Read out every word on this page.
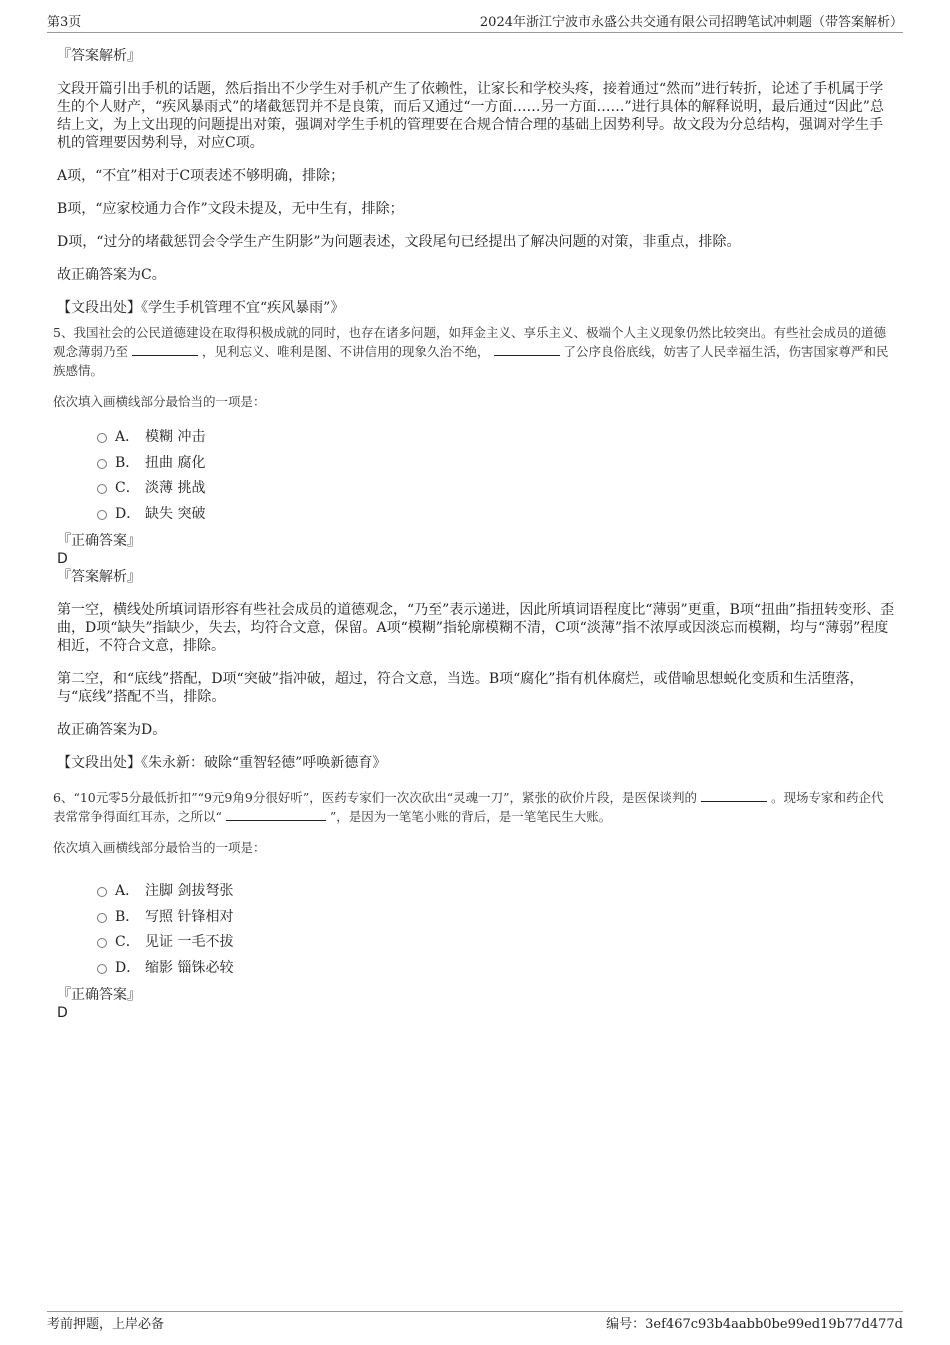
第3页	2024年浙江宁波市永盛公共交通有限公司招聘笔试冲刺题（带答案解析）

『答案解析』

文段开篇引出手机的话题，然后指出不少学生对手机产生了依赖性，让家长和学校头疼，接着通过“然而”进行转折，论述了手机属于学生的个人财产，“疾风暴雨式”的堵截惩罚并不是良策，而后又通过“一方面……另一方面……”进行具体的解释说明，最后通过“因此”总结上文，为上文出现的问题提出对策，强调对学生手机的管理要在合规合情合理的基础上因势利导。故文段为分总结构，强调对学生手机的管理要因势利导，对应C项。

A项，“不宜”相对于C项表述不够明确，排除；

B项，“应家校通力合作”文段未提及，无中生有，排除；

D项，“过分的堵截惩罚会令学生产生阴影”为问题表述，文段尾句已经提出了解决问题的对策，非重点，排除。

故正确答案为C。

【文段出处】《学生手机管理不宜“疾风暴雨”》

5、我国社会的公民道德建设在取得积极成就的同时，也存在诸多问题，如拜金主义、享乐主义、极端个人主义现象仍然比较突出。有些社会成员的道德观念薄弱乃至	，见利忘义、唯利是图、不讲信用的现象久治不绝，	了公序良俗底线，妨害了人民幸福生活，伤害国家尊严和民族感情。

依次填入画横线部分最恰当的一项是：

A． 模糊 冲击
B． 扭曲 腐化
C． 淡薄 挑战
D． 缺失 突破

『正确答案』

D

『答案解析』

第一空，横线处所填词语形容有些社会成员的道德观念，“乃至”表示递进，因此所填词语程度比“薄弱”更重，B项“扭曲”指扭转变形、歪曲，D项“缺失”指缺少，失去，均符合文意，保留。A项“模糊”指轮廓模糊不清，C项“淡薄”指不浓厚或因淡忘而模糊，均与“薄弱”程度相近，不符合文意，排除。

第二空，和“底线”搭配，D项“突破”指冲破，超过，符合文意，当选。B项“腐化”指有机体腐烂，或借喻思想蜕化变质和生活堕落，与“底线”搭配不当，排除。

故正确答案为D。

【文段出处】《朱永新：破除“重智轻德”呼唤新德育》

6、“10元零5分最低折扣”“9元9角9分很好听”，医药专家们一次次砍出“灵魂一刀”，紧张的砍价片段，是医保谈判的	。现场专家和药企代表常常争得面红耳赤，之所以“	”，是因为一笔笔小账的背后，是一笔笔民生大账。

依次填入画横线部分最恰当的一项是：

A． 注脚 剑拔弩张
B． 写照 针锋相对
C． 见证 一毛不拔
D． 缩影 锱铢必较

『正确答案』

D

考前押题，上岸必备	编号：3ef467c93b4aabb0be99ed19b77d477d
